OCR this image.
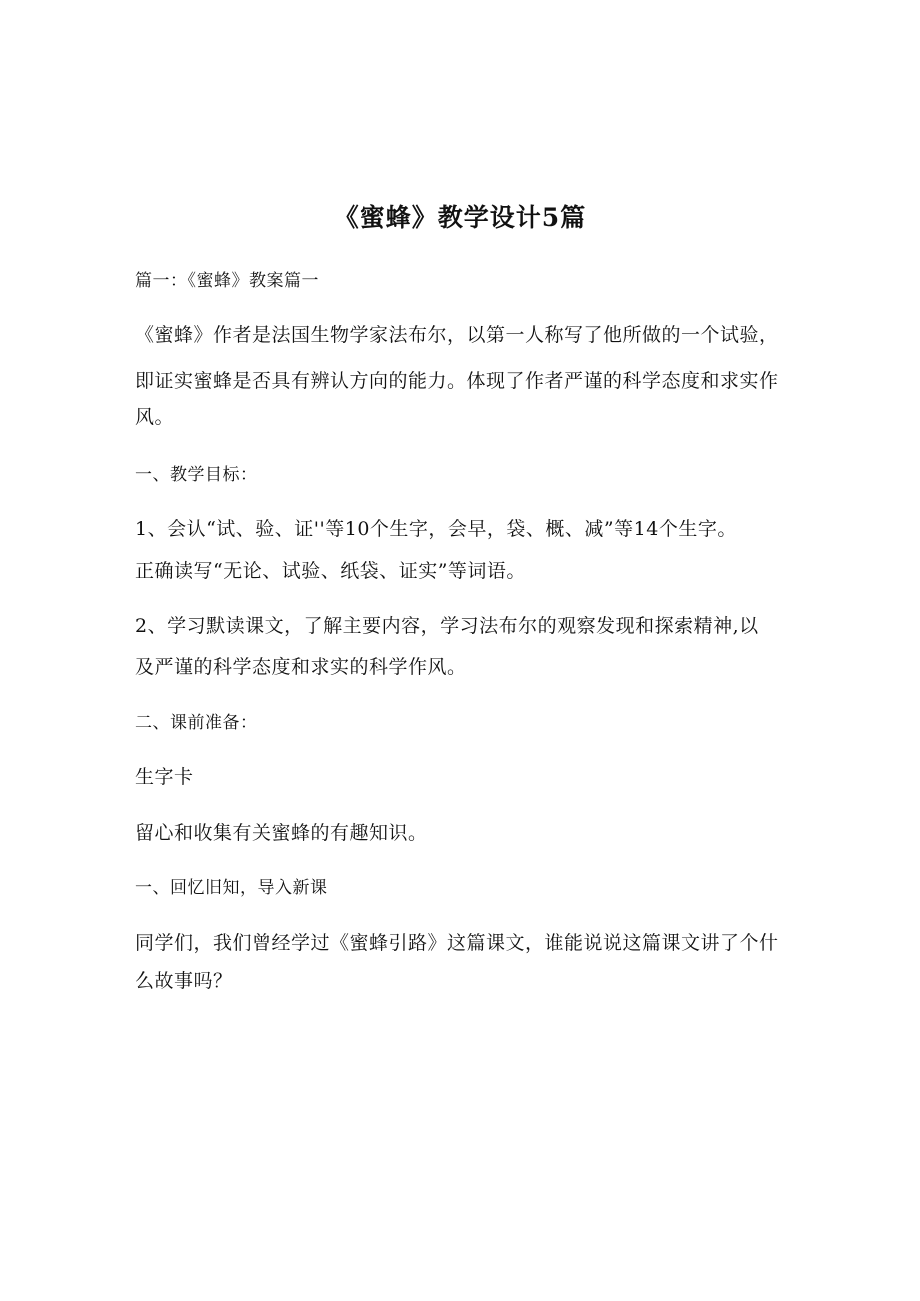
《蜜蜂》教学设计5篇
篇一：《蜜蜂》教案篇一
《蜜蜂》作者是法国生物学家法布尔，以第一人称写了他所做的一个试验，
即证实蜜蜂是否具有辨认方向的能力。体现了作者严谨的科学态度和求实作
风。
一、教学目标：
1、会认“试、验、证''等10个生字，会早，袋、概、减”等14个生字。
正确读写“无论、试验、纸袋、证实”等词语。
2、学习默读课文，了解主要内容，学习法布尔的观察发现和探索精神,以
及严谨的科学态度和求实的科学作风。
二、课前准备：
生字卡
留心和收集有关蜜蜂的有趣知识。
一、回忆旧知，导入新课
同学们，我们曾经学过《蜜蜂引路》这篇课文，谁能说说这篇课文讲了个什
么故事吗？
